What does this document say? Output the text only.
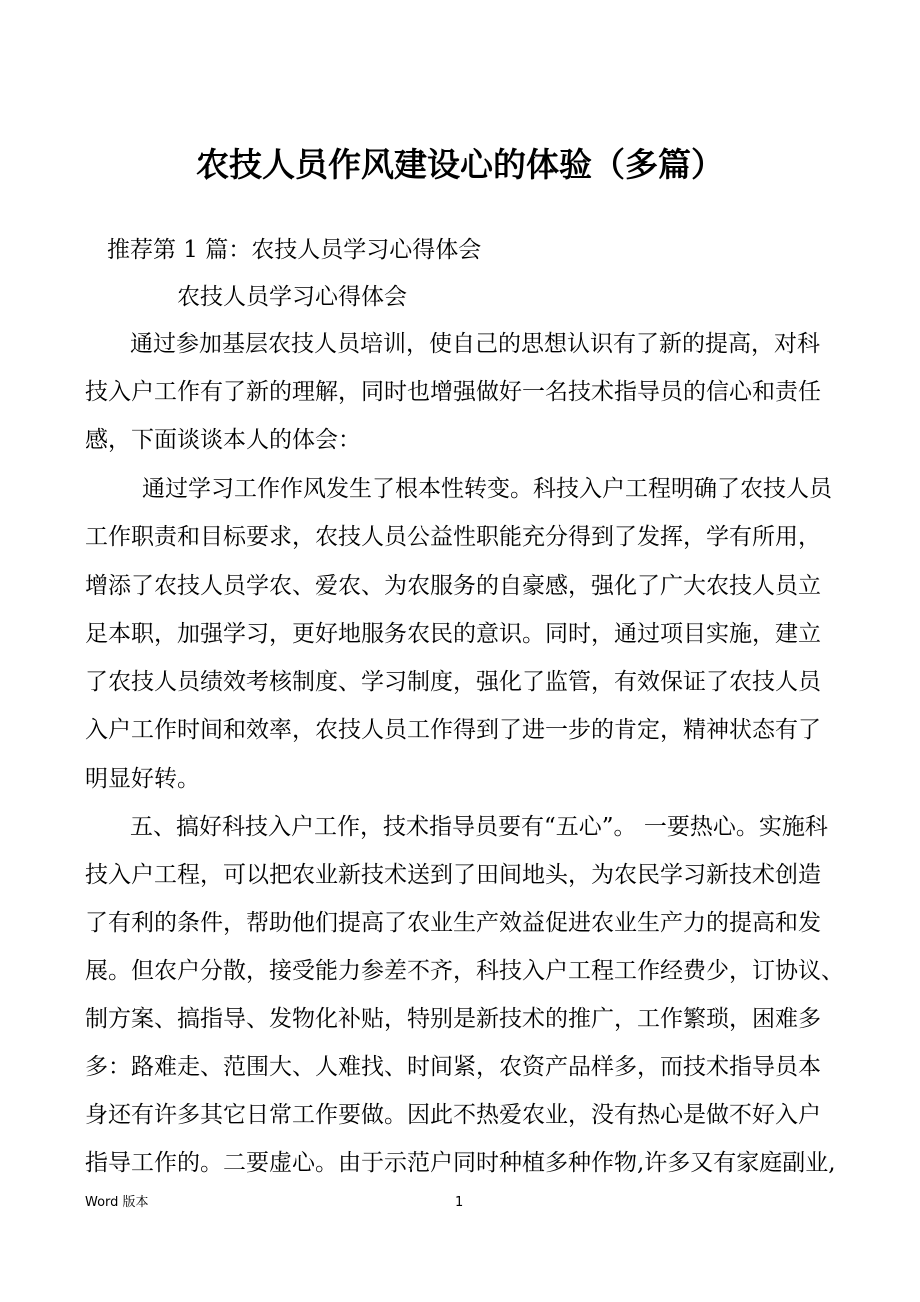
农技人员作风建设心的体验（多篇）

推荐第 1 篇：农技人员学习心得体会

农技人员学习心得体会

通过参加基层农技人员培训，使自己的思想认识有了新的提高，对科

技入户工作有了新的理解，同时也增强做好一名技术指导员的信心和责任

感，下面谈谈本人的体会：

通过学习工作作风发生了根本性转变。科技入户工程明确了农技人员

工作职责和目标要求，农技人员公益性职能充分得到了发挥，学有所用，

增添了农技人员学农、爱农、为农服务的自豪感，强化了广大农技人员立

足本职，加强学习，更好地服务农民的意识。同时，通过项目实施，建立

了农技人员绩效考核制度、学习制度，强化了监管，有效保证了农技人员

入户工作时间和效率，农技人员工作得到了进一步的肯定，精神状态有了

明显好转。

五、搞好科技入户工作，技术指导员要有“五心”。 一要热心。实施科

技入户工程，可以把农业新技术送到了田间地头，为农民学习新技术创造

了有利的条件，帮助他们提高了农业生产效益促进农业生产力的提高和发

展。但农户分散，接受能力参差不齐，科技入户工程工作经费少，订协议、

制方案、搞指导、发物化补贴，特别是新技术的推广，工作繁琐，困难多

多：路难走、范围大、人难找、时间紧，农资产品样多，而技术指导员本

身还有许多其它日常工作要做。因此不热爱农业，没有热心是做不好入户

指导工作的。二要虚心。由于示范户同时种植多种作物,许多又有家庭副业,

Word 版本	1
